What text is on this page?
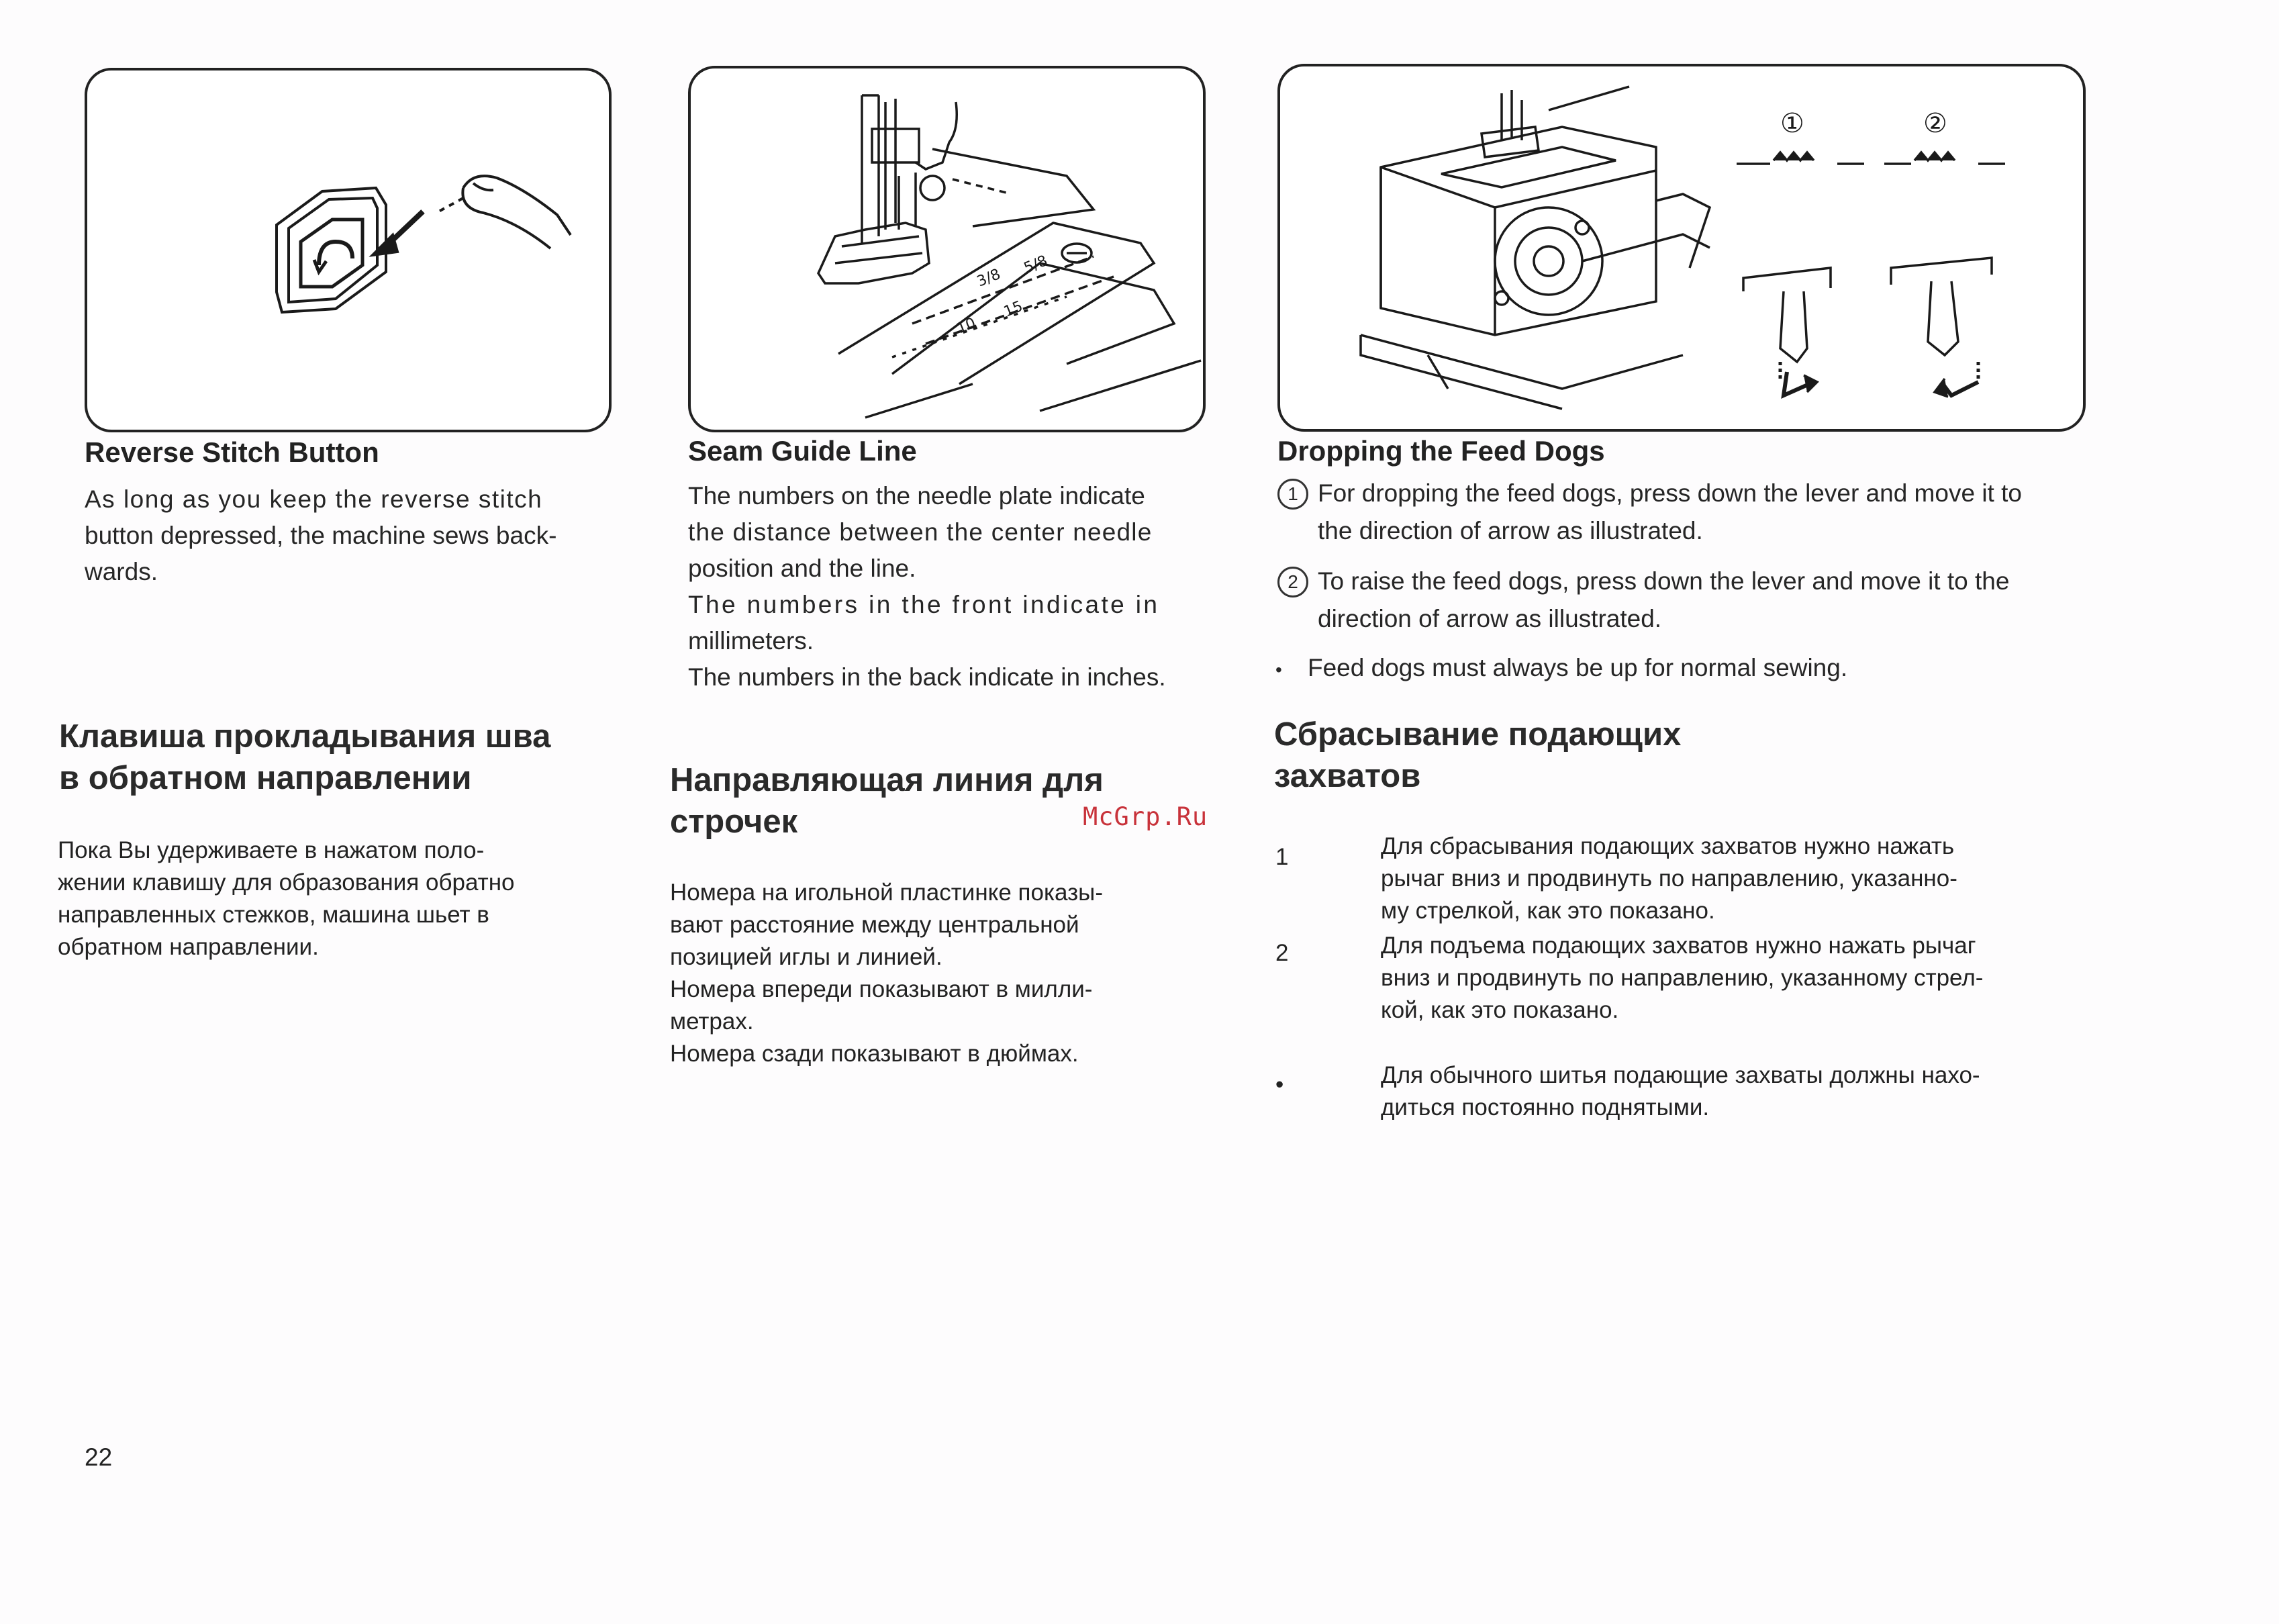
Reverse Stitch Button

As long as you keep the reverse stitch

button depressed, the machine sews back-

wards.

Клавиша прокладывания шва
в обратном направлении

Пока Вы удерживаете в нажатом поло-

жении клавишу для образования обратно

направленных стежков, машина шьет в

обратном направлении.

3/8
5/8
10
15
Seam Guide Line

The numbers on the needle plate indicate

the distance between the center needle

position and the line.

The numbers in the front indicate in

millimeters.

The numbers in the back indicate in inches.

Направляющая линия для
строчек

Номера на игольной пластинке показы-

вают расстояние между центральной

позицией иглы и линией.

Номера впереди показывают в милли-

метрах.

Номера сзади показывают в дюймах.

McGrp.Ru
①	②
Dropping the Feed Dogs
1 For dropping the feed dogs, press down the lever and move it to
the direction of arrow as illustrated.
2 To raise the feed dogs, press down the lever and move it to the
direction of arrow as illustrated.
• Feed dogs must always be up for normal sewing.
Сбрасывание подающих
захватов
1	Для сбрасывания подающих захватов нужно нажать
рычаг вниз и продвинуть по направлению, указанно-
му стрелкой, как это показано.
2	Для подъема подающих захватов нужно нажать рычаг
вниз и продвинуть по направлению, указанному стрел-
кой, как это показано.
•	Для обычного шитья подающие захваты должны нахо-
диться постоянно поднятыми.
22
